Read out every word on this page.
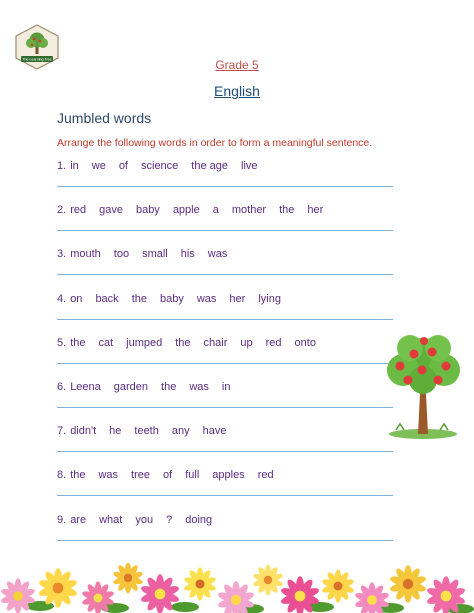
The Learning Tree	Grade 5
English
Jumbled words
Arrange the following words in order to form a meaningful sentence.
1. in we of science the age live
2. red gave baby apple a mother the her
3. mouth too small his was
4. on back the baby was her lying
5. the cat jumped the chair up red onto
6. Leena garden the was in
7. didn't he teeth any have
8. the was tree of full apples red
9. are what you ? doing
